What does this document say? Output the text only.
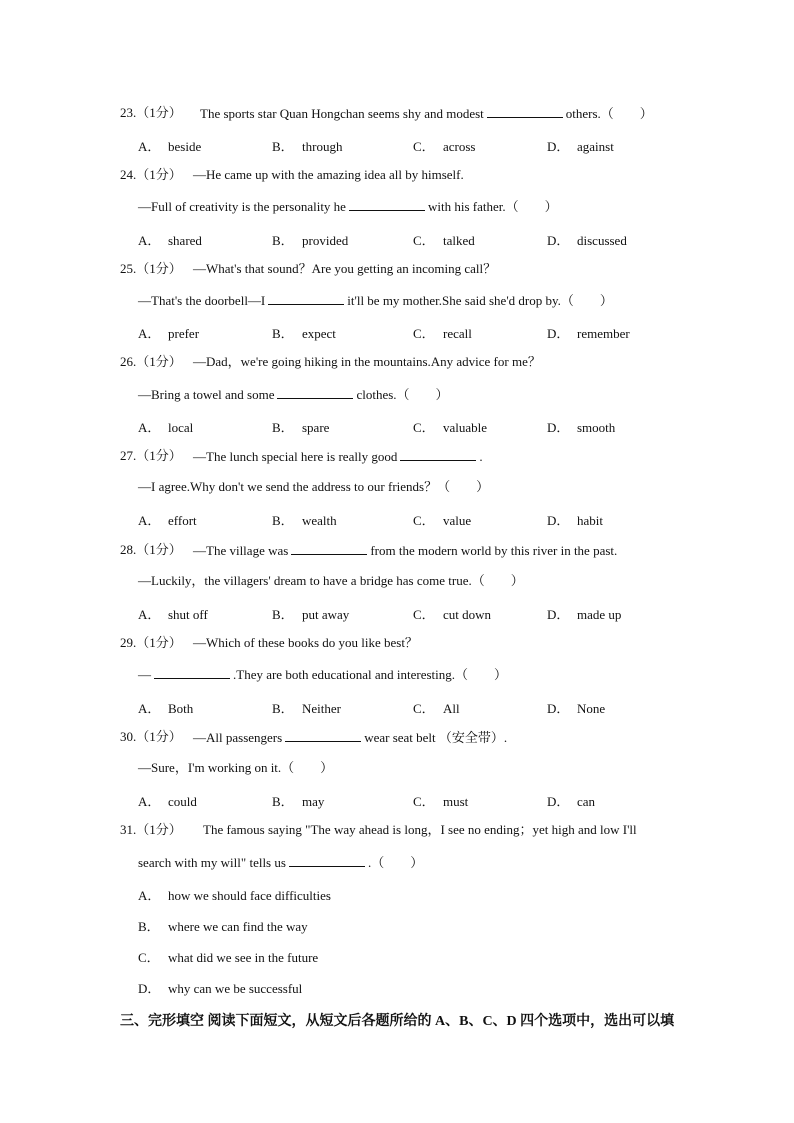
23.（1分） The sports star Quan Hongchan seems shy and modest	others.（　　）
A． beside	B． through	C． across	D． against
24.（1分） —He came up with the amazing idea all by himself.
—Full of creativity is the personality he	with his father.（　　）
A． shared	B． provided	C． talked	D． discussed
25.（1分） —What's that sound？Are you getting an incoming call？
—That's the doorbell—I	it'll be my mother.She said she'd drop by.（　　）
A． prefer	B． expect	C． recall	D． remember
26.（1分） —Dad，we're going hiking in the mountains.Any advice for me？
—Bring a towel and some	clothes.（　　）
A． local	B． spare	C． valuable	D． smooth
27.（1分） —The lunch special here is really good	.
—I agree.Why don't we send the address to our friends？（　　）
A． effort	B． wealth	C． value	D． habit
28.（1分） —The village was	from the modern world by this river in the past.
—Luckily，the villagers' dream to have a bridge has come true.（　　）
A． shut off	B． put away	C． cut down	D． made up
29.（1分） —Which of these books do you like best？
—	.They are both educational and interesting.（　　）
A． Both	B． Neither	C． All	D． None
30.（1分） —All passengers	wear seat belt （安全带）.
—Sure，I'm working on it.（　　）
A． could	B． may	C． must	D． can
31.（1分） The famous saying "The way ahead is long，I see no ending；yet high and low I'll
search with my will" tells us	.（　　）
A． how we should face difficulties
B． where we can find the way
C． what did we see in the future
D． why can we be successful
三、完形填空 阅读下面短文，从短文后各题所给的 A、B、C、D 四个选项中，选出可以填
